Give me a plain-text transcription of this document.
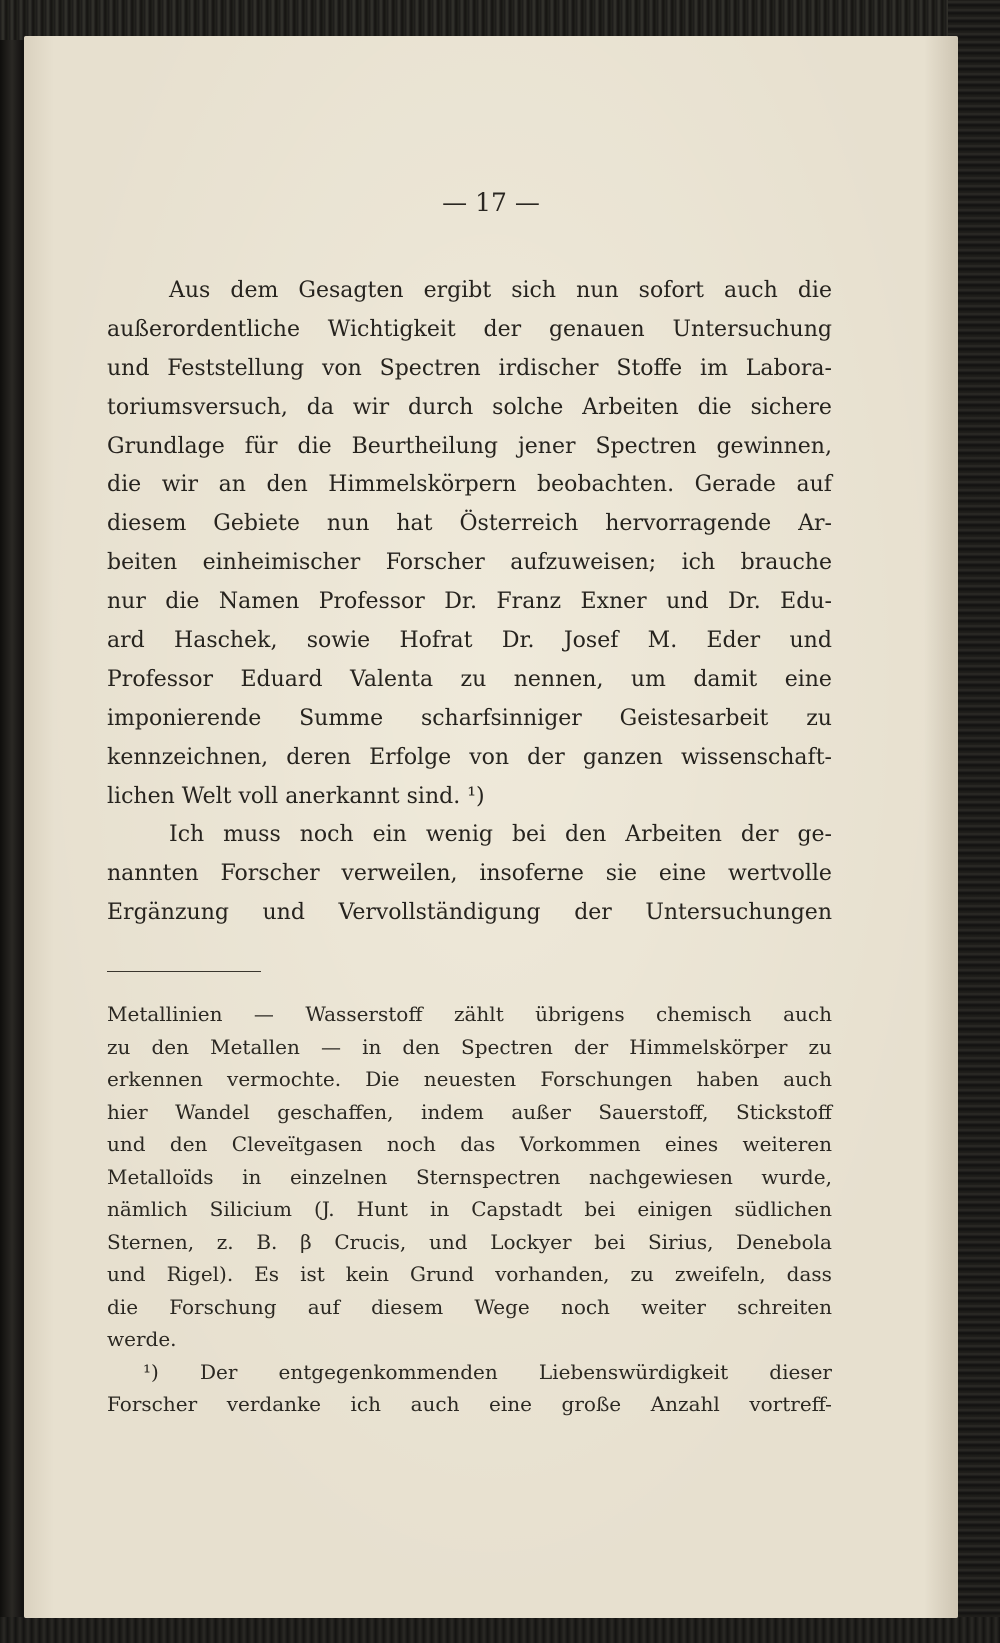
— 17 —
Aus dem Gesagten ergibt sich nun sofort auch die
außerordentliche Wichtigkeit der genauen Untersuchung
und Feststellung von Spectren irdischer Stoffe im Labora-
toriumsversuch, da wir durch solche Arbeiten die sichere
Grundlage für die Beurtheilung jener Spectren gewinnen,
die wir an den Himmelskörpern beobachten. Gerade auf
diesem Gebiete nun hat Österreich hervorragende Ar-
beiten einheimischer Forscher aufzuweisen; ich brauche
nur die Namen Professor Dr. Franz Exner und Dr. Edu-
ard Haschek, sowie Hofrat Dr. Josef M. Eder und
Professor Eduard Valenta zu nennen, um damit eine
imponierende Summe scharfsinniger Geistesarbeit zu
kennzeichnen, deren Erfolge von der ganzen wissenschaft-
lichen Welt voll anerkannt sind. ¹)
Ich muss noch ein wenig bei den Arbeiten der ge-
nannten Forscher verweilen, insoferne sie eine wertvolle
Ergänzung und Vervollständigung der Untersuchungen
Metallinien — Wasserstoff zählt übrigens chemisch auch
zu den Metallen — in den Spectren der Himmelskörper zu
erkennen vermochte. Die neuesten Forschungen haben auch
hier Wandel geschaffen, indem außer Sauerstoff, Stickstoff
und den Cleveïtgasen noch das Vorkommen eines weiteren
Metalloïds in einzelnen Sternspectren nachgewiesen wurde,
nämlich Silicium (J. Hunt in Capstadt bei einigen südlichen
Sternen, z. B. β Crucis, und Lockyer bei Sirius, Denebola
und Rigel). Es ist kein Grund vorhanden, zu zweifeln, dass
die Forschung auf diesem Wege noch weiter schreiten
werde.
¹) Der entgegenkommenden Liebenswürdigkeit dieser
Forscher verdanke ich auch eine große Anzahl vortreff-
